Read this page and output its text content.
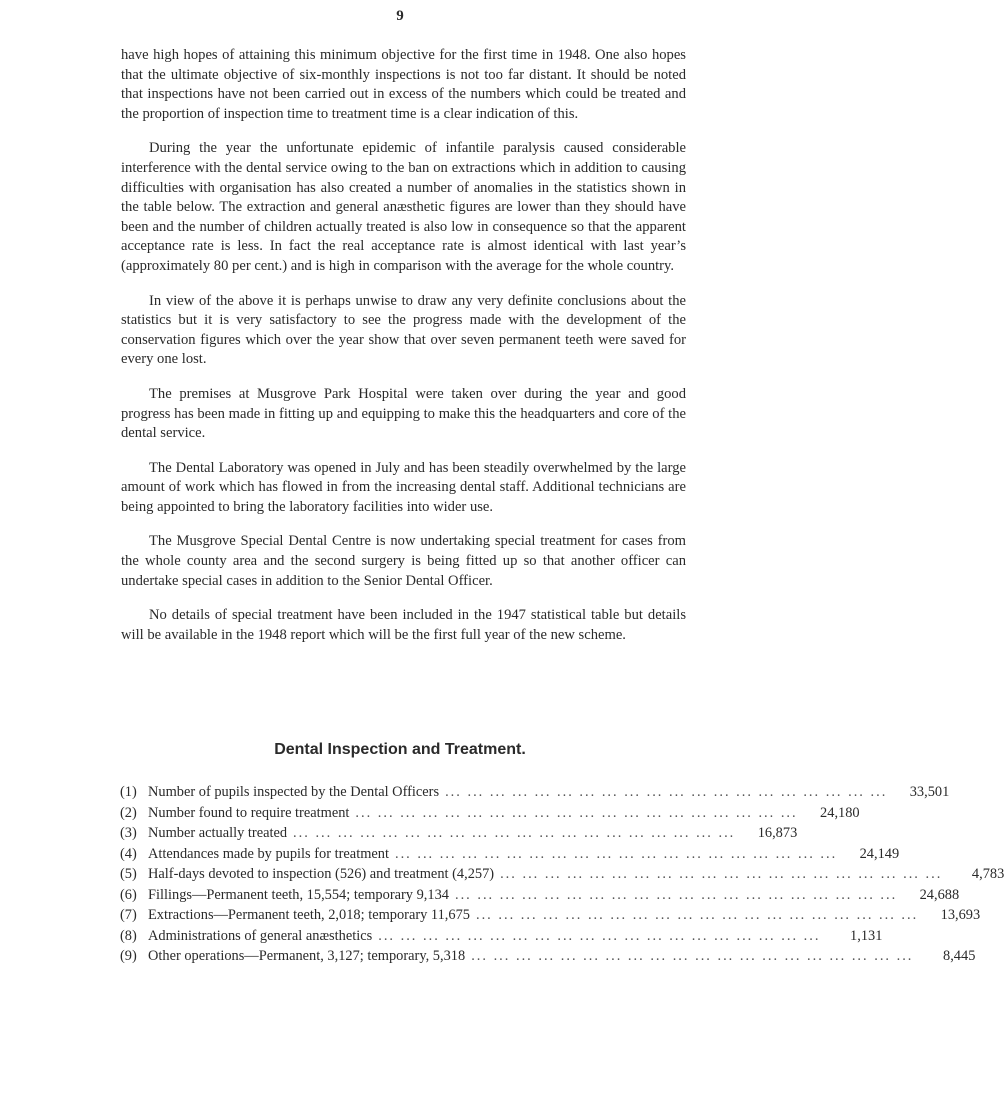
9

have high hopes of attaining this minimum objective for the first time in 1948. One also hopes that the ultimate objective of six-monthly inspections is not too far distant. It should be noted that inspections have not been carried out in excess of the numbers which could be treated and the proportion of inspection time to treatment time is a clear indication of this.

During the year the unfortunate epidemic of infantile paralysis caused considerable interference with the dental service owing to the ban on extractions which in addition to causing difficulties with organisation has also created a number of anomalies in the statistics shown in the table below. The extraction and general anæsthetic figures are lower than they should have been and the number of children actually treated is also low in consequence so that the apparent acceptance rate is less. In fact the real acceptance rate is almost identical with last year’s (approximately 80 per cent.) and is high in comparison with the average for the whole country.

In view of the above it is perhaps unwise to draw any very definite conclusions about the statistics but it is very satisfactory to see the progress made with the development of the conservation figures which over the year show that over seven permanent teeth were saved for every one lost.

The premises at Musgrove Park Hospital were taken over during the year and good progress has been made in fitting up and equipping to make this the headquarters and core of the dental service.

The Dental Laboratory was opened in July and has been steadily overwhelmed by the large amount of work which has flowed in from the increasing dental staff. Additional technicians are being appointed to bring the laboratory facilities into wider use.

The Musgrove Special Dental Centre is now undertaking special treatment for cases from the whole county area and the second surgery is being fitted up so that another officer can undertake special cases in addition to the Senior Dental Officer.

No details of special treatment have been included in the 1947 statistical table but details will be available in the 1948 report which will be the first full year of the new scheme.

Dental Inspection and Treatment.
(1) Number of pupils inspected by the Dental Officers ... ... ... ... ... ... ... ... ... ... ... ... ... ... ... ... ... ... ... ...	33,501
(2) Number found to require treatment ... ... ... ... ... ... ... ... ... ... ... ... ... ... ... ... ... ... ... ...	24,180
(3) Number actually treated ... ... ... ... ... ... ... ... ... ... ... ... ... ... ... ... ... ... ... ...	16,873
(4) Attendances made by pupils for treatment ... ... ... ... ... ... ... ... ... ... ... ... ... ... ... ... ... ... ... ...	24,149
(5) Half-days devoted to inspection (526) and treatment (4,257) ... ... ... ... ... ... ... ... ... ... ... ... ... ... ... ... ... ... ... ...	4,783
(6) Fillings—Permanent teeth, 15,554; temporary 9,134 ... ... ... ... ... ... ... ... ... ... ... ... ... ... ... ... ... ... ... ...	24,688
(7) Extractions—Permanent teeth, 2,018; temporary 11,675 ... ... ... ... ... ... ... ... ... ... ... ... ... ... ... ... ... ... ... ...	13,693
(8) Administrations of general anæsthetics ... ... ... ... ... ... ... ... ... ... ... ... ... ... ... ... ... ... ... ...	1,131
(9) Other operations—Permanent, 3,127; temporary, 5,318 ... ... ... ... ... ... ... ... ... ... ... ... ... ... ... ... ... ... ... ...	8,445
